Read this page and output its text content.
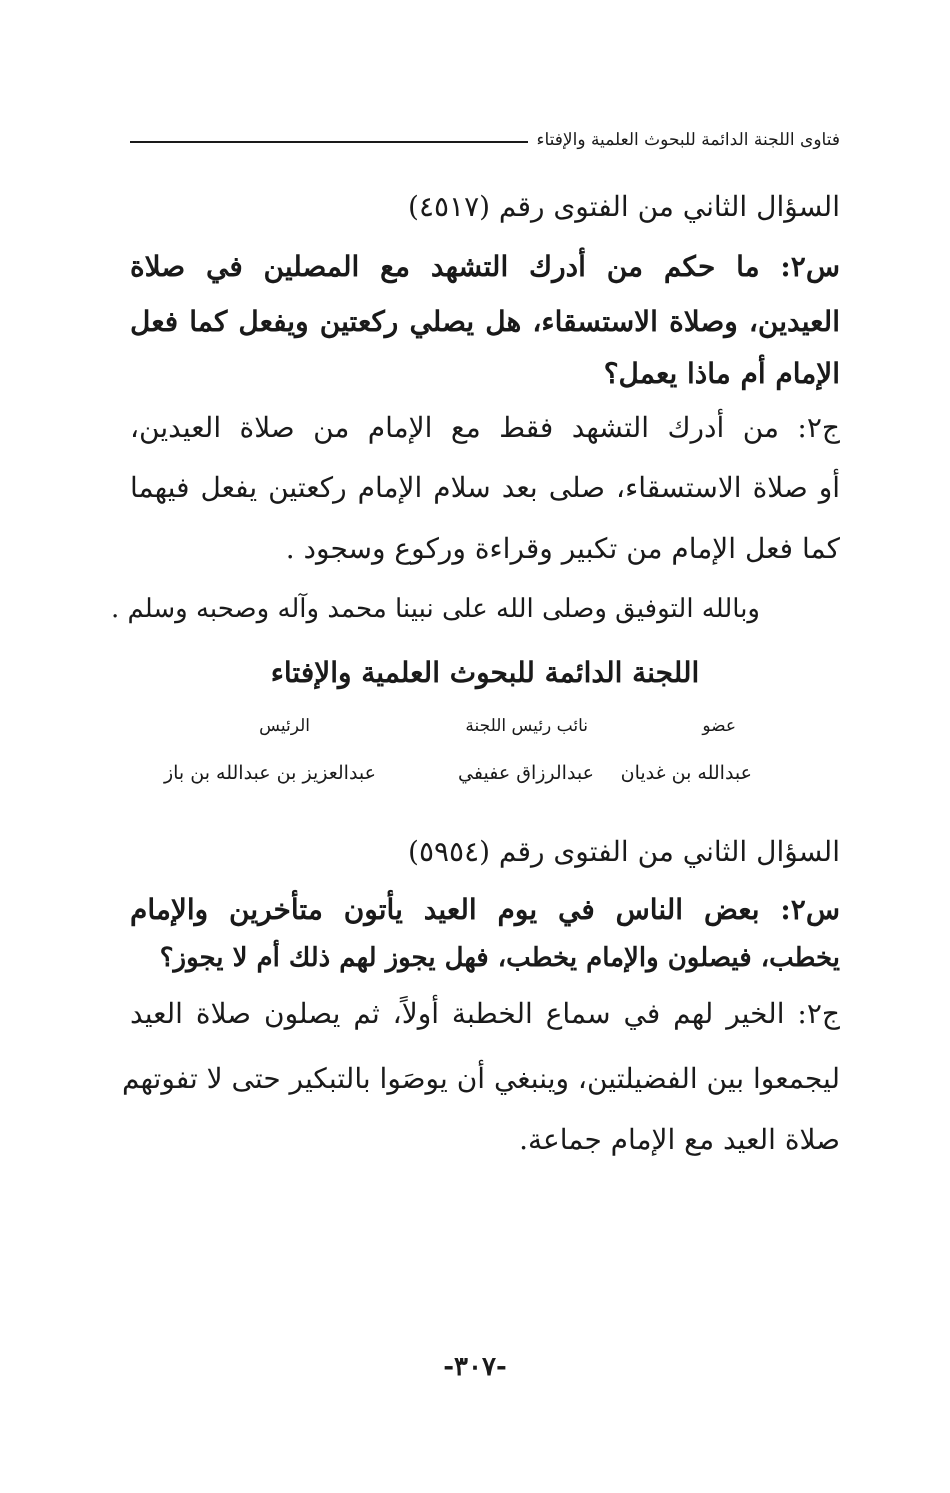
فتاوى اللجنة الدائمة للبحوث العلمية والإفتاء
السؤال الثاني من الفتوى رقم (٤٥١٧)
س٢: ما حكم من أدرك التشهد مع المصلين في صلاة
العيدين، وصلاة الاستسقاء، هل يصلي ركعتين ويفعل كما فعل
الإمام أم ماذا يعمل؟
ج٢: من أدرك التشهد فقط مع الإمام من صلاة العيدين،
أو صلاة الاستسقاء، صلى بعد سلام الإمام ركعتين يفعل فيهما
كما فعل الإمام من تكبير وقراءة وركوع وسجود .
وبالله التوفيق وصلى الله على نبينا محمد وآله وصحبه وسلم .
اللجنة الدائمة للبحوث العلمية والإفتاء
عضو
نائب رئيس اللجنة
الرئيس
عبدالله بن غديان
عبدالرزاق عفيفي
عبدالعزيز بن عبدالله بن باز
السؤال الثاني من الفتوى رقم (٥٩٥٤)
س٢: بعض الناس في يوم العيد يأتون متأخرين والإمام
يخطب، فيصلون والإمام يخطب، فهل يجوز لهم ذلك أم لا يجوز؟
ج٢: الخير لهم في سماع الخطبة أولاً، ثم يصلون صلاة العيد
ليجمعوا بين الفضيلتين، وينبغي أن يوصَوا بالتبكير حتى لا تفوتهم
صلاة العيد مع الإمام جماعة.
-٣٠٧-
